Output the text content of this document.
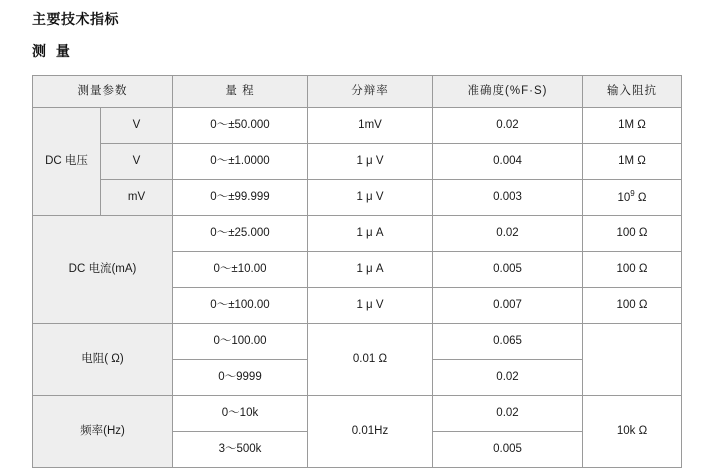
主要技术指标
测 量
测量参数		量 程	分辩率	准确度(%F·S)	输入阻抗
DC 电压	V	0～±50.000	1mV	0.02	1M Ω
	V	0～±1.0000	1 μ V	0.004	1M Ω
	mV	0～±99.999	1 μ V	0.003	$10^9$ Ω
DC 电流(mA)		0～±25.000	1 μ A	0.02	100 Ω
		0～±10.00	1 μ A	0.005	100 Ω
		0～±100.00	1 μ V	0.007	100 Ω
电阻( Ω)		0～100.00	0.01 Ω	0.065	
		0～9999		0.02	
频率(Hz)		0～10k	0.01Hz	0.02	10k Ω
		3～500k		0.005	
